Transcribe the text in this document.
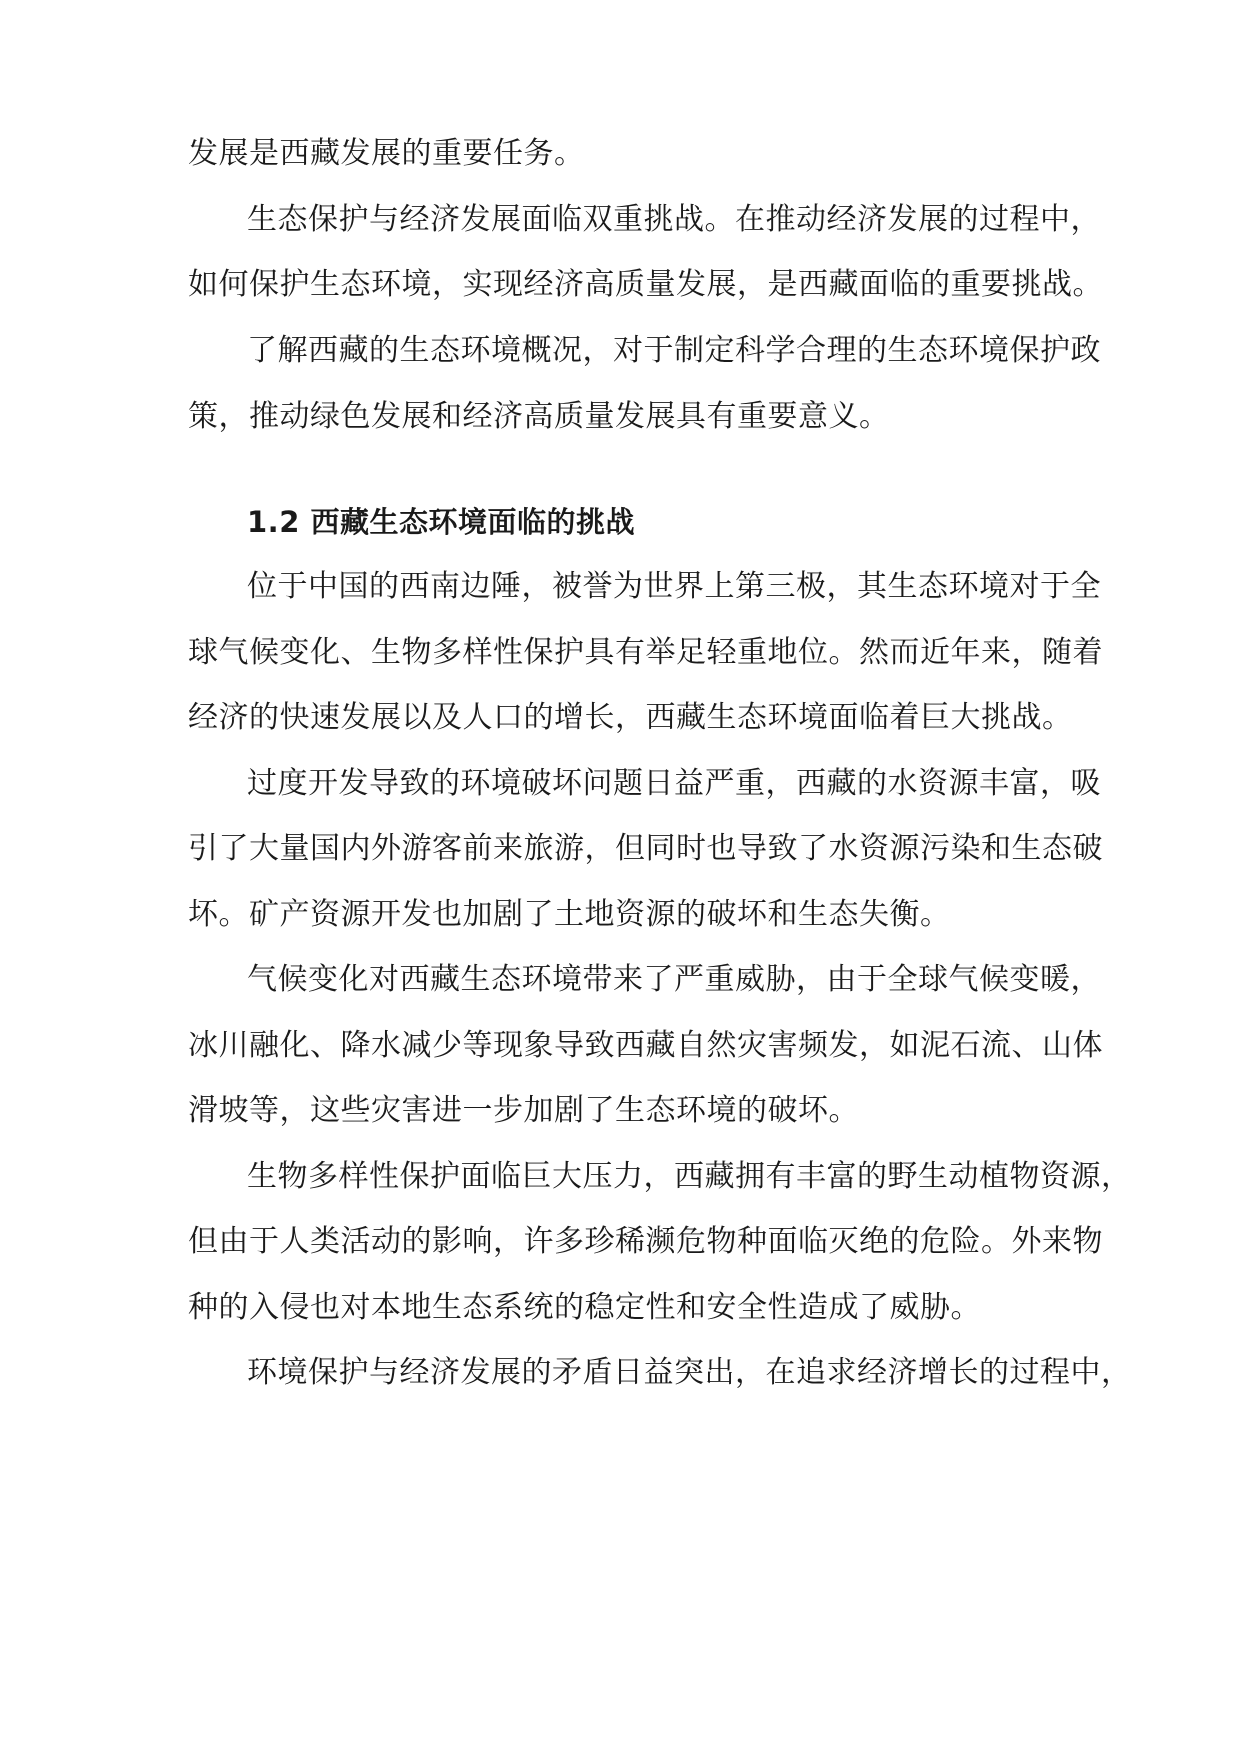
发展是西藏发展的重要任务。
生态保护与经济发展面临双重挑战。在推动经济发展的过程中，
如何保护生态环境，实现经济高质量发展，是西藏面临的重要挑战。
了解西藏的生态环境概况，对于制定科学合理的生态环境保护政
策，推动绿色发展和经济高质量发展具有重要意义。
1.2 西藏生态环境面临的挑战
位于中国的西南边陲，被誉为世界上第三极，其生态环境对于全
球气候变化、生物多样性保护具有举足轻重地位。然而近年来，随着
经济的快速发展以及人口的增长，西藏生态环境面临着巨大挑战。
过度开发导致的环境破坏问题日益严重，西藏的水资源丰富，吸
引了大量国内外游客前来旅游，但同时也导致了水资源污染和生态破
坏。矿产资源开发也加剧了土地资源的破坏和生态失衡。
气候变化对西藏生态环境带来了严重威胁，由于全球气候变暖，
冰川融化、降水减少等现象导致西藏自然灾害频发，如泥石流、山体
滑坡等，这些灾害进一步加剧了生态环境的破坏。
生物多样性保护面临巨大压力，西藏拥有丰富的野生动植物资源，
但由于人类活动的影响，许多珍稀濒危物种面临灭绝的危险。外来物
种的入侵也对本地生态系统的稳定性和安全性造成了威胁。
环境保护与经济发展的矛盾日益突出，在追求经济增长的过程中，
